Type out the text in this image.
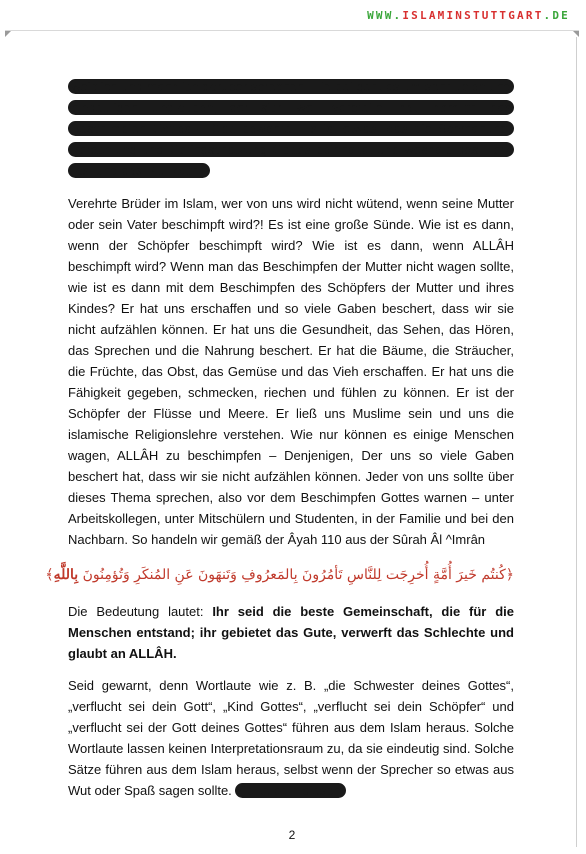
WWW.ISLAMINSTUTTGART.DE

weiblich und männlich darüber sprechen. Hierbei geht es um sehr üblen und eindeutigen Unglauben, der sich weit verbreitet hat, nämlich das Beschimpfen Gottes – Gott bewahre! Es ist etwas, das die Schmähung, Verachtung und Geringschätzung Gottes beinhaltet und weshalb das Herz rast und das Blut kocht.

Verehrte Brüder im Islam, wer von uns wird nicht wütend, wenn seine Mutter oder sein Vater beschimpft wird?! Es ist eine große Sünde. Wie ist es dann, wenn der Schöpfer beschimpft wird? Wie ist es dann, wenn ALLÂH beschimpft wird? Wenn man das Beschimpfen der Mutter nicht wagen sollte, wie ist es dann mit dem Beschimpfen des Schöpfers der Mutter und ihres Kindes? Er hat uns erschaffen und so viele Gaben beschert, dass wir sie nicht aufzählen können. Er hat uns die Gesundheit, das Sehen, das Hören, das Sprechen und die Nahrung beschert. Er hat die Bäume, die Sträucher, die Früchte, das Obst, das Gemüse und das Vieh erschaffen. Er hat uns die Fähigkeit gegeben, schmecken, riechen und fühlen zu können. Er ist der Schöpfer der Flüsse und Meere. Er ließ uns Muslime sein und uns die islamische Religionslehre verstehen. Wie nur können es einige Menschen wagen, ALLÂH zu beschimpfen – Denjenigen, Der uns so viele Gaben beschert hat, dass wir sie nicht aufzählen können. Jeder von uns sollte über dieses Thema sprechen, also vor dem Beschimpfen Gottes warnen – unter Arbeitskollegen, unter Mitschülern und Studenten, in der Familie und bei den Nachbarn. So handeln wir gemäß der Âyah 110 aus der Sûrah Âl ^Imrân

﴿كُنتُم خَيرَ أُمَّةٍ أُخرِجَت لِلنَّاسِ تَأمُرُونَ بِالمَعرُوفِ وَتَنهَونَ عَنِ المُنكَرِ وَتُؤمِنُونَ بِاللَّهِ﴾

Die Bedeutung lautet: Ihr seid die beste Gemeinschaft, die für die Menschen entstand; ihr gebietet das Gute, verwerft das Schlechte und glaubt an ALLÂH.

Seid gewarnt, denn Wortlaute wie z. B. „die Schwester deines Gottes“, „verflucht sei dein Gott“, „Kind Gottes“, „verflucht sei dein Schöpfer“ und „verflucht sei der Gott deines Gottes“ führen aus dem Islam heraus. Solche Wortlaute lassen keinen Interpretationsraum zu, da sie eindeutig sind. Solche Sätze führen aus dem Islam heraus, selbst wenn der Sprecher so etwas aus Wut oder Spaß sagen sollte. Sollte er in diesem

2
